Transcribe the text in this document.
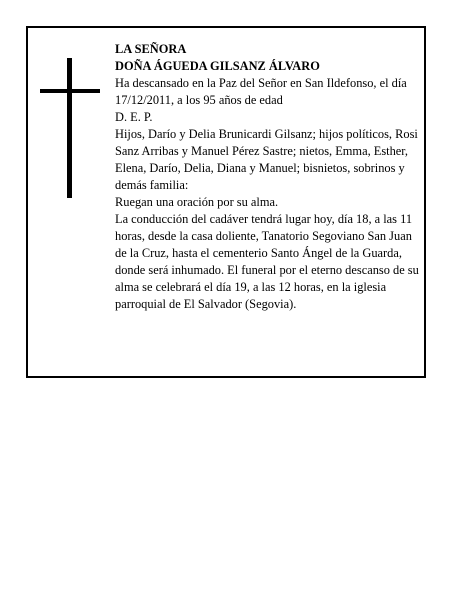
LA SEÑORA

DOÑA ÁGUEDA GILSANZ ÁLVARO

Ha descansado en la Paz del Señor en San Ildefonso, el día 17/12/2011, a los 95 años de edad

D. E. P.

Hijos, Darío y Delia Brunicardi Gilsanz; hijos políticos, Rosi Sanz Arribas y Manuel Pérez Sastre; nietos, Emma, Esther, Elena, Darío, Delia, Diana y Manuel; bisnietos, sobrinos y demás familia:

Ruegan una oración por su alma.

La conducción del cadáver tendrá lugar hoy, día 18, a las 11 horas, desde la casa doliente, Tanatorio Segoviano San Juan de la Cruz, hasta el cementerio Santo Ángel de la Guarda, donde será inhumado. El funeral por el eterno descanso de su alma se celebrará el día 19, a las 12 horas, en la iglesia parroquial de El Salvador (Segovia).
